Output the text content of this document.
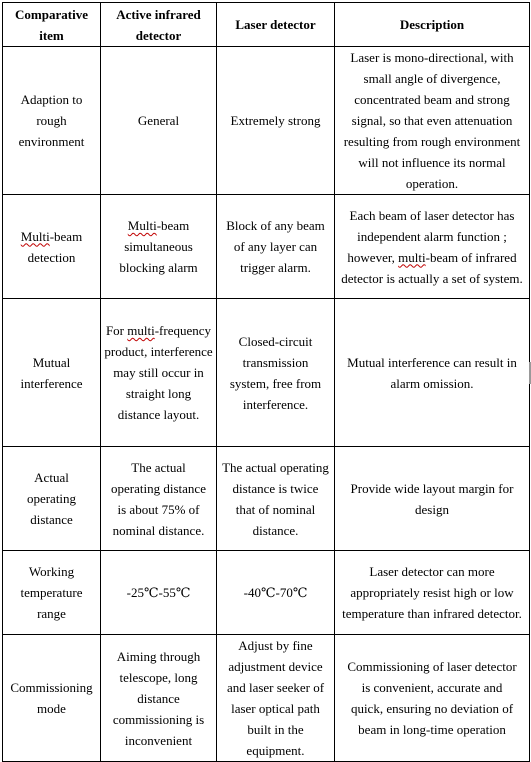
Comparative item	Active infrared detector	Laser detector	Description
Adaption to rough environment	General	Extremely strong	Laser is mono-directional, with small angle of divergence, concentrated beam and strong signal, so that even attenuation resulting from rough environment will not influence its normal operation.
Multi-beam detection	Multi-beam simultaneous blocking alarm	Block of any beam of any layer can trigger alarm.	Each beam of laser detector has independent alarm function ; however, multi-beam of infrared detector is actually a set of system.
Mutual interference	For multi-frequency product, interference may still occur in straight long distance layout.	Closed-circuit transmission system, free from interference.	Mutual interference can result in alarm omission.
Actual operating distance	The actual operating distance is about 75% of nominal distance.	The actual operating distance is twice that of nominal distance.	Provide wide layout margin for design
Working temperature range	-25℃-55℃	-40℃-70℃	Laser detector can more appropriately resist high or low temperature than infrared detector.
Commissioning mode	Aiming through telescope, long distance commissioning is inconvenient	Adjust by fine adjustment device and laser seeker of laser optical path built in the equipment.	Commissioning of laser detector is convenient, accurate and quick, ensuring no deviation of beam in long-time operation
